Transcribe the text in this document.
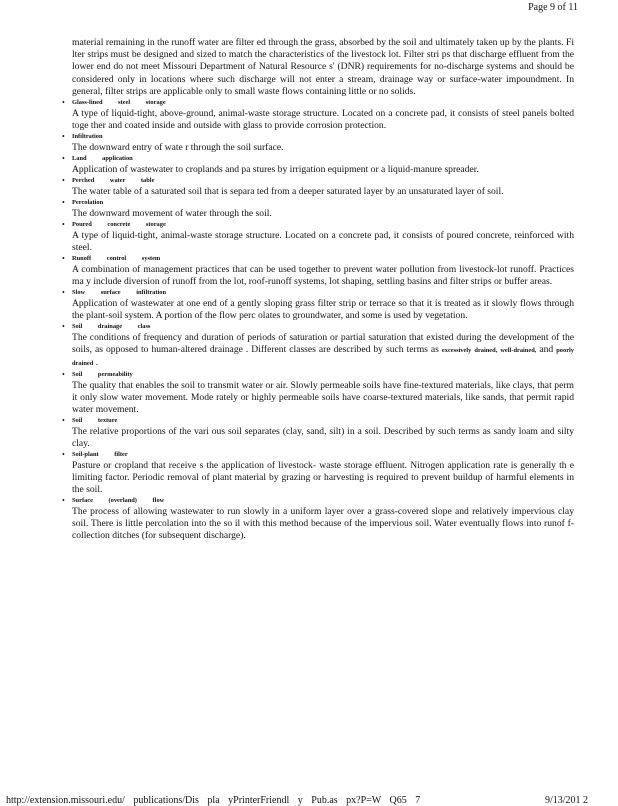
Page 9 of 11

material remaining in the runoff water are filter ed through the grass, absorbed by the soil and ultimately taken up by the plants. Fi lter strips must be designed and sized to match the characteristics of the livestock lot. Filter stri ps that discharge effluent from the lower end do not meet Missouri Department of Natural Resource s' (DNR) requirements for no-discharge systems and should be considered only in locations where such discharge will not enter a stream, drainage way or surface-water impoundment. In general, filter strips are applicable only to small waste flows containing little or no solids.

• Glass-lined steel storage
A type of liquid-tight, above-ground, animal-waste storage structure. Located on a concrete pad, it consists of steel panels bolted toge ther and coated inside and outside with glass to provide corrosion protection.
• Infiltration
The downward entry of wate r through the soil surface.
• Land application
Application of wastewater to croplands and pa stures by irrigation equipment or a liquid-manure spreader.
• Perched water table
The water table of a saturated soil that is separa ted from a deeper saturated layer by an unsaturated layer of soil.
• Percolation
The downward movement of water through the soil.
• Poured concrete storage
A type of liquid-tight, animal-waste storage structure. Located on a concrete pad, it consists of poured concrete, reinforced with steel.
• Runoff control system
A combination of management practices that can be used together to prevent water pollution from livestock-lot runoff. Practices ma y include diversion of runoff from the lot, roof-runoff systems, lot shaping, settling basins and filter strips or buffer areas.
• Slow surface infiltration
Application of wastewater at one end of a gently sloping grass filter strip or terrace so that it is treated as it slowly flows through the plant-soil system. A portion of the flow perc olates to groundwater, and some is used by vegetation.
• Soil drainage class
The conditions of frequency and duration of periods of saturation or partial saturation that existed during the development of the soils, as opposed to human-altered drainage . Different classes are described by such terms as excessively drained, well-drained, and poorly drained .
• Soil permeability
The quality that enables the soil to transmit water or air. Slowly permeable soils have fine-textured materials, like clays, that perm it only slow water movement. Mode rately or highly permeable soils have coarse-textured materials, like sands, that permit rapid water movement.
• Soil texture
The relative proportions of the vari ous soil separates (clay, sand, silt) in a soil. Described by such terms as sandy loam and silty clay.
• Soil-plant filter
Pasture or cropland that receive s the application of livestock- waste storage effluent. Nitrogen application rate is generally th e limiting factor. Periodic removal of plant material by grazing or harvesting is required to prevent buildup of harmful elements in the soil.
• Surface (overland) flow
The process of allowing wastewater to run slowly in a uniform layer over a grass-covered slope and relatively impervious clay soil. There is little percolation into the so il with this method because of the impervious soil. Water eventually flows into runof f-collection ditches (for subsequent discharge).
http://extension.missouri.edu/ publications/Dis pla yPrinterFriendl y Pub.as px?P=W Q65 7	9/13/201 2
